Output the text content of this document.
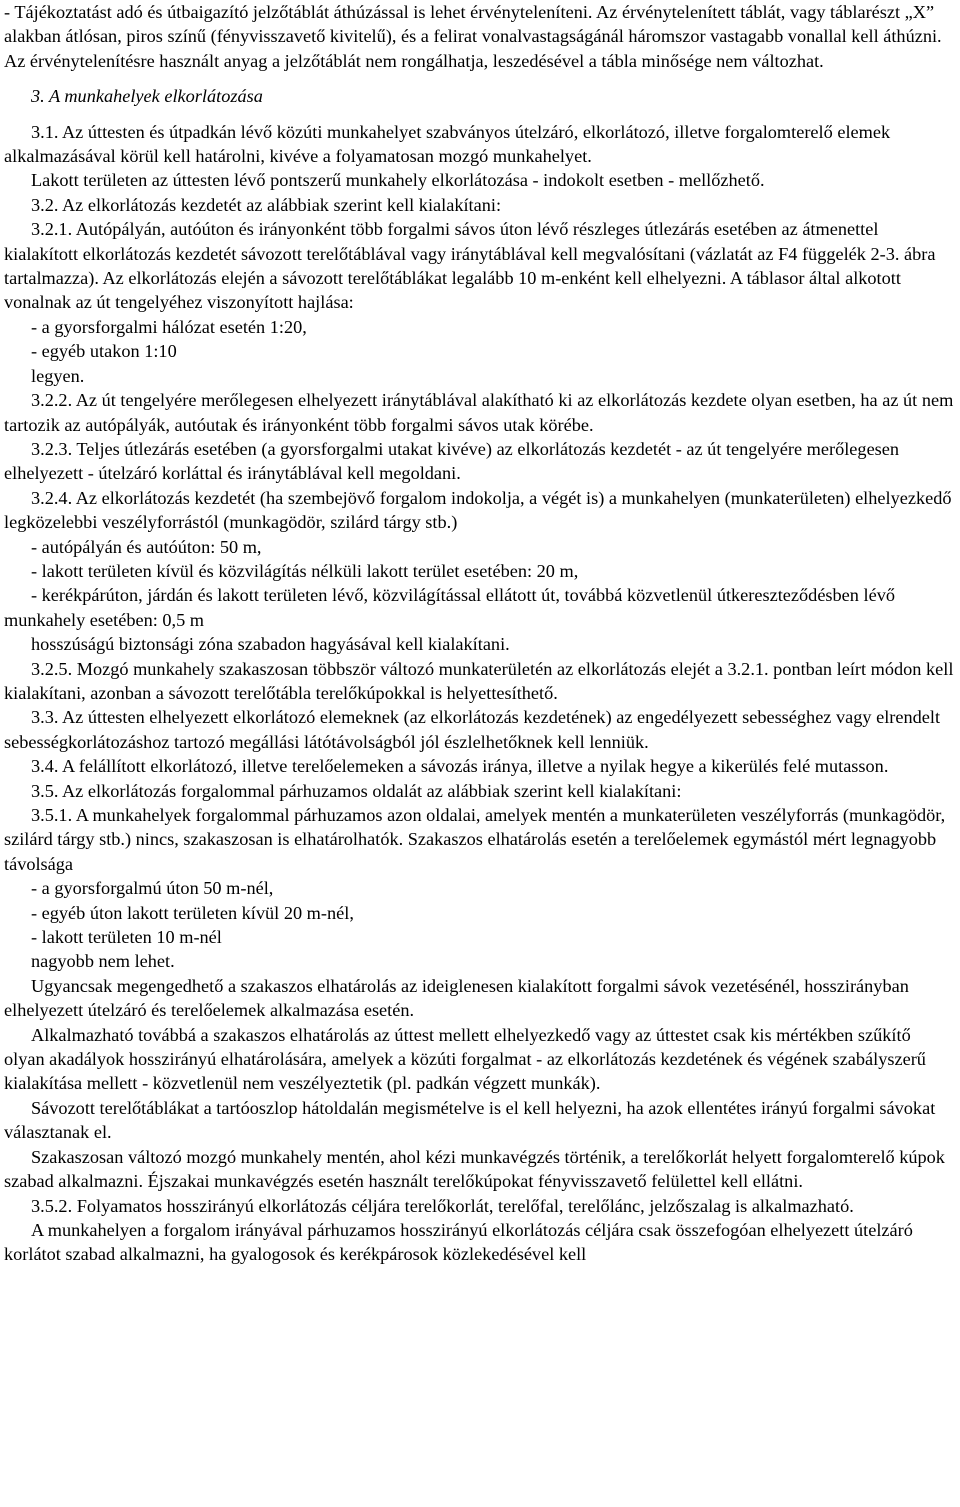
- Tájékoztatást adó és útbaigazító jelzőtáblát áthúzással is lehet érvényteleníteni. Az érvénytelenített táblát, vagy táblarészt „X” alakban átlósan, piros színű (fényvisszavető kivitelű), és a felirat vonalvastagságánál háromszor vastagabb vonallal kell áthúzni.

Az érvénytelenítésre használt anyag a jelzőtáblát nem rongálhatja, leszedésével a tábla minősége nem változhat.

3. A munkahelyek elkorlátozása

3.1. Az úttesten és útpadkán lévő közúti munkahelyet szabványos útelzáró, elkorlátozó, illetve forgalomterelő elemek alkalmazásával körül kell határolni, kivéve a folyamatosan mozgó munkahelyet.

Lakott területen az úttesten lévő pontszerű munkahely elkorlátozása - indokolt esetben - mellőzhető.

3.2. Az elkorlátozás kezdetét az alábbiak szerint kell kialakítani:

3.2.1. Autópályán, autóúton és irányonként több forgalmi sávos úton lévő részleges útlezárás esetében az átmenettel kialakított elkorlátozás kezdetét sávozott terelőtáblával vagy iránytáblával kell megvalósítani (vázlatát az F4 függelék 2-3. ábra tartalmazza). Az elkorlátozás elején a sávozott terelőtáblákat legalább 10 m-enként kell elhelyezni. A táblasor által alkotott vonalnak az út tengelyéhez viszonyított hajlása:

- a gyorsforgalmi hálózat esetén 1:20,

- egyéb utakon 1:10

legyen.

3.2.2. Az út tengelyére merőlegesen elhelyezett iránytáblával alakítható ki az elkorlátozás kezdete olyan esetben, ha az út nem tartozik az autópályák, autóutak és irányonként több forgalmi sávos utak körébe.

3.2.3. Teljes útlezárás esetében (a gyorsforgalmi utakat kivéve) az elkorlátozás kezdetét - az út tengelyére merőlegesen elhelyezett - útelzáró korláttal és iránytáblával kell megoldani.

3.2.4. Az elkorlátozás kezdetét (ha szembejövő forgalom indokolja, a végét is) a munkahelyen (munkaterületen) elhelyezkedő legközelebbi veszélyforrástól (munkagödör, szilárd tárgy stb.)

- autópályán és autóúton: 50 m,

- lakott területen kívül és közvilágítás nélküli lakott terület esetében: 20 m,

- kerékpárúton, járdán és lakott területen lévő, közvilágítással ellátott út, továbbá közvetlenül útkereszteződésben lévő munkahely esetében: 0,5 m

hosszúságú biztonsági zóna szabadon hagyásával kell kialakítani.

3.2.5. Mozgó munkahely szakaszosan többször változó munkaterületén az elkorlátozás elejét a 3.2.1. pontban leírt módon kell kialakítani, azonban a sávozott terelőtábla terelőkúpokkal is helyettesíthető.

3.3. Az úttesten elhelyezett elkorlátozó elemeknek (az elkorlátozás kezdetének) az engedélyezett sebességhez vagy elrendelt sebességkorlátozáshoz tartozó megállási látótávolságból jól észlelhetőknek kell lenniük.

3.4. A felállított elkorlátozó, illetve terelőelemeken a sávozás iránya, illetve a nyilak hegye a kikerülés felé mutasson.

3.5. Az elkorlátozás forgalommal párhuzamos oldalát az alábbiak szerint kell kialakítani:

3.5.1. A munkahelyek forgalommal párhuzamos azon oldalai, amelyek mentén a munkaterületen veszélyforrás (munkagödör, szilárd tárgy stb.) nincs, szakaszosan is elhatárolhatók. Szakaszos elhatárolás esetén a terelőelemek egymástól mért legnagyobb távolsága

- a gyorsforgalmú úton 50 m-nél,

- egyéb úton lakott területen kívül 20 m-nél,

- lakott területen 10 m-nél

nagyobb nem lehet.

Ugyancsak megengedhető a szakaszos elhatárolás az ideiglenesen kialakított forgalmi sávok vezetésénél, hosszirányban elhelyezett útelzáró és terelőelemek alkalmazása esetén.

Alkalmazható továbbá a szakaszos elhatárolás az úttest mellett elhelyezkedő vagy az úttestet csak kis mértékben szűkítő olyan akadályok hosszirányú elhatárolására, amelyek a közúti forgalmat - az elkorlátozás kezdetének és végének szabályszerű kialakítása mellett - közvetlenül nem veszélyeztetik (pl. padkán végzett munkák).

Sávozott terelőtáblákat a tartóoszlop hátoldalán megismételve is el kell helyezni, ha azok ellentétes irányú forgalmi sávokat választanak el.

Szakaszosan változó mozgó munkahely mentén, ahol kézi munkavégzés történik, a terelőkorlát helyett forgalomterelő kúpok szabad alkalmazni. Éjszakai munkavégzés esetén használt terelőkúpokat fényvisszavető felülettel kell ellátni.

3.5.2. Folyamatos hosszirányú elkorlátozás céljára terelőkorlát, terelőfal, terelőlánc, jelzőszalag is alkalmazható.

A munkahelyen a forgalom irányával párhuzamos hosszirányú elkorlátozás céljára csak összefogóan elhelyezett útelzáró korlátot szabad alkalmazni, ha gyalogosok és kerékpárosok közlekedésével kell
